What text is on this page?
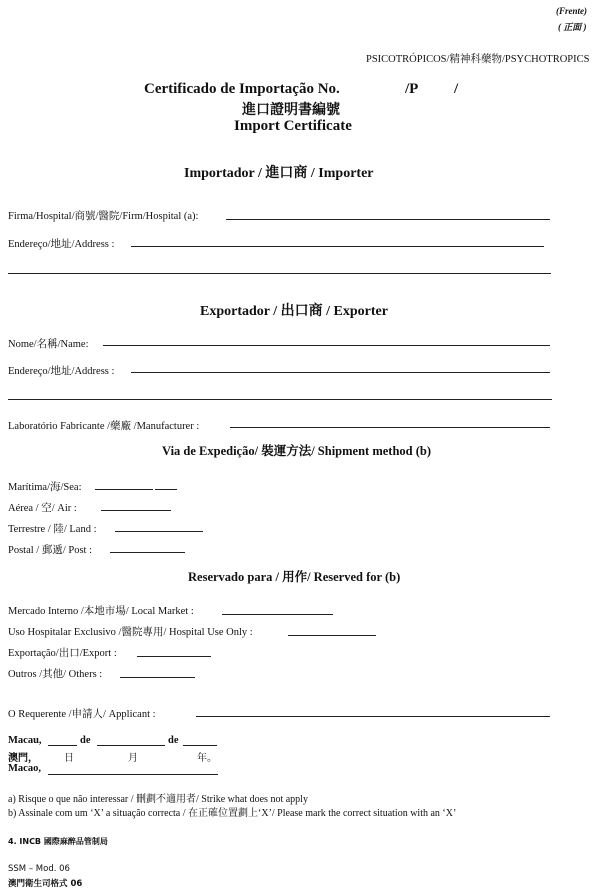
(Frente)
( 正面 )
PSICOTRÓPICOS/精神科藥物/PSYCHOTROPICS
Certificado de Importação No.	/P /
進口證明書編號
Import Certificate
Importador / 進口商 / Importer
Firma/Hospital/商號/醫院/Firm/Hospital (a):
Endereço/地址/Address :
Exportador / 出口商 / Exporter
Nome/名稱/Name:
Endereço/地址/Address :
Laboratório Fabricante /藥廠 /Manufacturer :
Via de Expedição/ 裝運方法/ Shipment method (b)
Marítima/海/Sea:
Aérea / 空/ Air :
Terrestre / 陸/ Land :
Postal / 郵遞/ Post :
Reservado para / 用作/ Reserved for (b)
Mercado Interno /本地市場/ Local Market :
Uso Hospitalar Exclusivo /醫院專用/ Hospital Use Only :
Exportação/出口/Export :
Outros /其他/ Others :
O Requerente /申請人/ Applicant :
Macau,	de	de
澳門，	日	月	年。
Macao,
a) Risque o que não interessar / 刪劃不適用者/ Strike what does not apply
b) Assinale com um ‘X’ a situação correcta / 在正確位置劃上‘X’/ Please mark the correct situation with an ‘X’
4. INCB 國際麻醉品管制局
SSM – Mod. 06
澳門衛生司格式 06
